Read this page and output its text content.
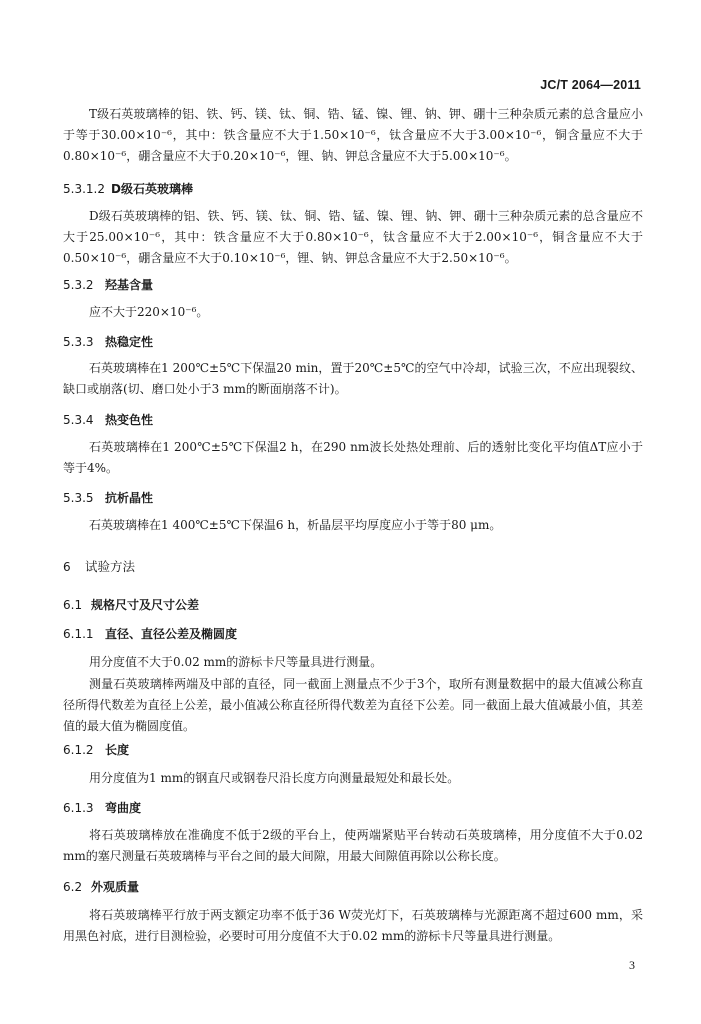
JC/T 2064—2011
T级石英玻璃棒的铝、铁、钙、镁、钛、铜、锆、锰、镍、锂、钠、钾、硼十三种杂质元素的总含量应小于等于30.00×10⁻⁶，其中：铁含量应不大于1.50×10⁻⁶，钛含量应不大于3.00×10⁻⁶，铜含量应不大于0.80×10⁻⁶，硼含量应不大于0.20×10⁻⁶，锂、钠、钾总含量应不大于5.00×10⁻⁶。
5.3.1.2 D级石英玻璃棒
D级石英玻璃棒的铝、铁、钙、镁、钛、铜、锆、锰、镍、锂、钠、钾、硼十三种杂质元素的总含量应不大于25.00×10⁻⁶，其中：铁含量应不大于0.80×10⁻⁶，钛含量应不大于2.00×10⁻⁶，铜含量应不大于0.50×10⁻⁶，硼含量应不大于0.10×10⁻⁶，锂、钠、钾总含量应不大于2.50×10⁻⁶。
5.3.2 羟基含量
应不大于220×10⁻⁶。
5.3.3 热稳定性
石英玻璃棒在1 200℃±5℃下保温20 min，置于20℃±5℃的空气中冷却，试验三次，不应出现裂纹、缺口或崩落(切、磨口处小于3 mm的断面崩落不计)。
5.3.4 热变色性
石英玻璃棒在1 200℃±5℃下保温2 h，在290 nm波长处热处理前、后的透射比变化平均值ΔT应小于等于4%。
5.3.5 抗析晶性
石英玻璃棒在1 400℃±5℃下保温6 h，析晶层平均厚度应小于等于80 μm。
6 试验方法
6.1 规格尺寸及尺寸公差
6.1.1 直径、直径公差及椭圆度
用分度值不大于0.02 mm的游标卡尺等量具进行测量。
测量石英玻璃棒两端及中部的直径，同一截面上测量点不少于3个，取所有测量数据中的最大值减公称直径所得代数差为直径上公差，最小值减公称直径所得代数差为直径下公差。同一截面上最大值减最小值，其差值的最大值为椭圆度值。
6.1.2 长度
用分度值为1 mm的钢直尺或钢卷尺沿长度方向测量最短处和最长处。
6.1.3 弯曲度
将石英玻璃棒放在准确度不低于2级的平台上，使两端紧贴平台转动石英玻璃棒，用分度值不大于0.02 mm的塞尺测量石英玻璃棒与平台之间的最大间隙，用最大间隙值再除以公称长度。
6.2 外观质量
将石英玻璃棒平行放于两支额定功率不低于36 W荧光灯下，石英玻璃棒与光源距离不超过600 mm，采用黑色衬底，进行目测检验，必要时可用分度值不大于0.02 mm的游标卡尺等量具进行测量。
3
